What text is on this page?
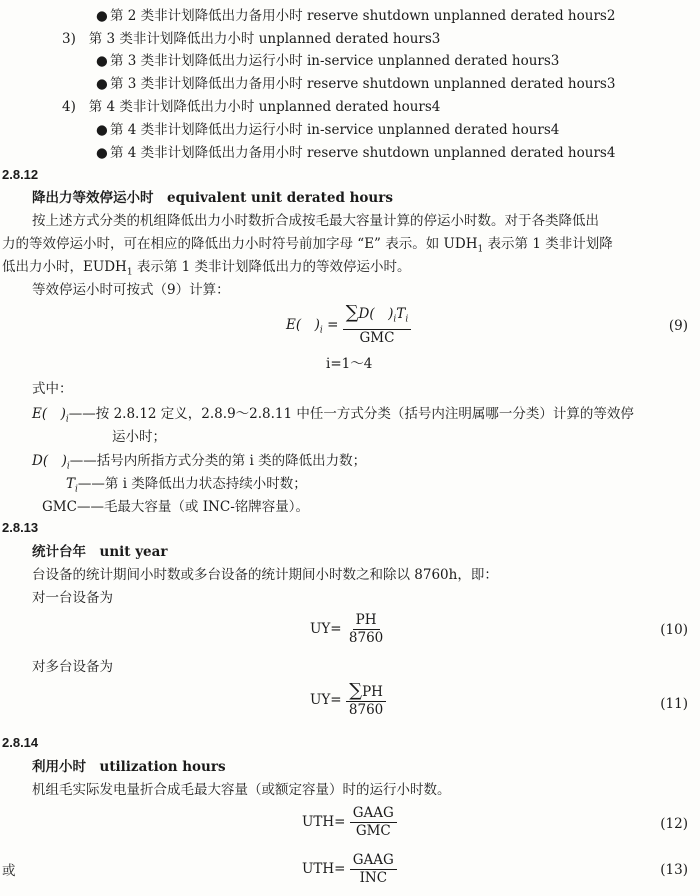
● 第 2 类非计划降低出力备用小时 reserve shutdown unplanned derated hours2
3) 第 3 类非计划降低出力小时 unplanned derated hours3
● 第 3 类非计划降低出力运行小时 in-service unplanned derated hours3
● 第 3 类非计划降低出力备用小时 reserve shutdown unplanned derated hours3
4) 第 4 类非计划降低出力小时 unplanned derated hours4
● 第 4 类非计划降低出力运行小时 in-service unplanned derated hours4
● 第 4 类非计划降低出力备用小时 reserve shutdown unplanned derated hours4
2.8.12
降出力等效停运小时　equivalent unit derated hours
按上述方式分类的机组降低出力小时数折合成按毛最大容量计算的停运小时数。对于各类降低出
力的等效停运小时，可在相应的降低出力小时符号前加字母 “E” 表示。如 $UDH_1$ 表示第 1 类非计划降
低出力小时，$EUDH_1$ 表示第 1 类非计划降低出力的等效停运小时。
等效停运小时可按式（9）计算：
E(　)$_i = \frac{\sum D( )_iT_i}{\text{GMC}}$	(9)
i=1～4
式中：
E(　)$_i——$按 2.8.12 定义，2.8.9～2.8.11 中任一方式分类（括号内注明属哪一分类）计算的等效停
运小时；
D(　)$_i——$括号内所指方式分类的第 i 类的降低出力数；
$T_i——$第 i 类降低出力状态持续小时数；
GMC——毛最大容量（或 INC-铭牌容量）。
2.8.13
统计台年　unit year
台设备的统计期间小时数或多台设备的统计期间小时数之和除以 8760h，即：
对一台设备为
$UY= \frac{PH}{8760}$	(10)
对多台设备为
$UY= \frac{\sum PH}{8760}$	(11)
2.8.14
利用小时　utilization hours
机组毛实际发电量折合成毛最大容量（或额定容量）时的运行小时数。
$UTH= \frac{\text{GAAG}}{\text{GMC}}$	(12)
或	$UTH= \frac{\text{GAAG}}{\text{INC}}$	(13)
